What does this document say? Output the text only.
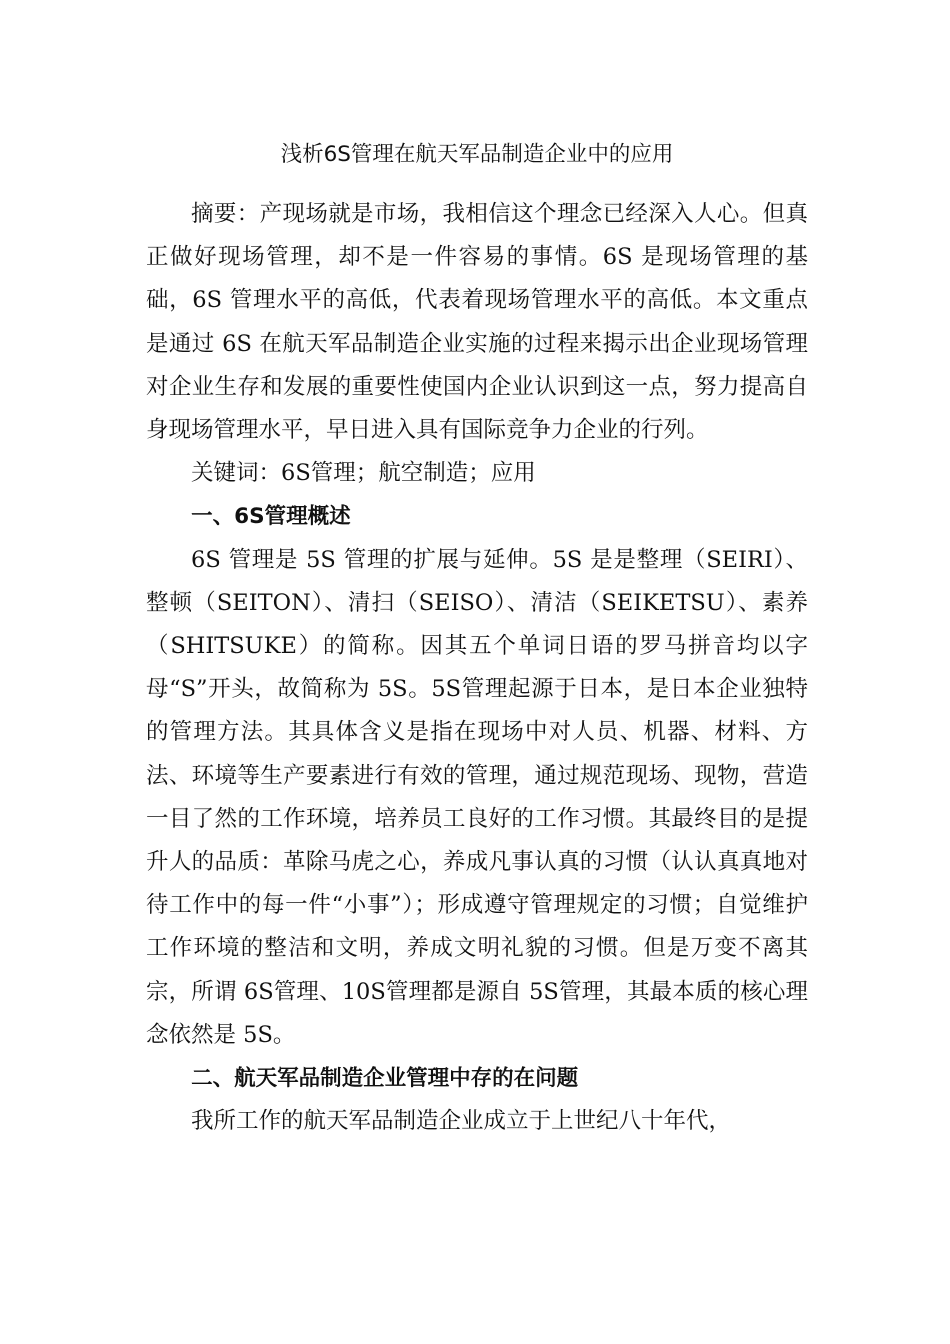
浅析6S管理在航天军品制造企业中的应用

摘要：产现场就是市场，我相信这个理念已经深入人心。但真正做好现场管理，却不是一件容易的事情。6S 是现场管理的基础，6S 管理水平的高低，代表着现场管理水平的高低。本文重点是通过 6S 在航天军品制造企业实施的过程来揭示出企业现场管理对企业生存和发展的重要性使国内企业认识到这一点，努力提高自身现场管理水平，早日进入具有国际竞争力企业的行列。

关键词：6S管理；航空制造；应用

一、6S管理概述

6S 管理是 5S 管理的扩展与延伸。5S 是是整理（SEIRI）、整顿（SEITON）、清扫（SEISO）、清洁（SEIKETSU）、素养（SHITSUKE）的简称。因其五个单词日语的罗马拼音均以字母“S”开头，故简称为 5S。5S管理起源于日本，是日本企业独特的管理方法。其具体含义是指在现场中对人员、机器、材料、方法、环境等生产要素进行有效的管理，通过规范现场、现物，营造一目了然的工作环境，培养员工良好的工作习惯。其最终目的是提升人的品质：革除马虎之心，养成凡事认真的习惯（认认真真地对待工作中的每一件“小事”）；形成遵守管理规定的习惯；自觉维护工作环境的整洁和文明，养成文明礼貌的习惯。但是万变不离其宗，所谓 6S管理、10S管理都是源自 5S管理，其最本质的核心理念依然是 5S。

二、航天军品制造企业管理中存的在问题

我所工作的航天军品制造企业成立于上世纪八十年代，
